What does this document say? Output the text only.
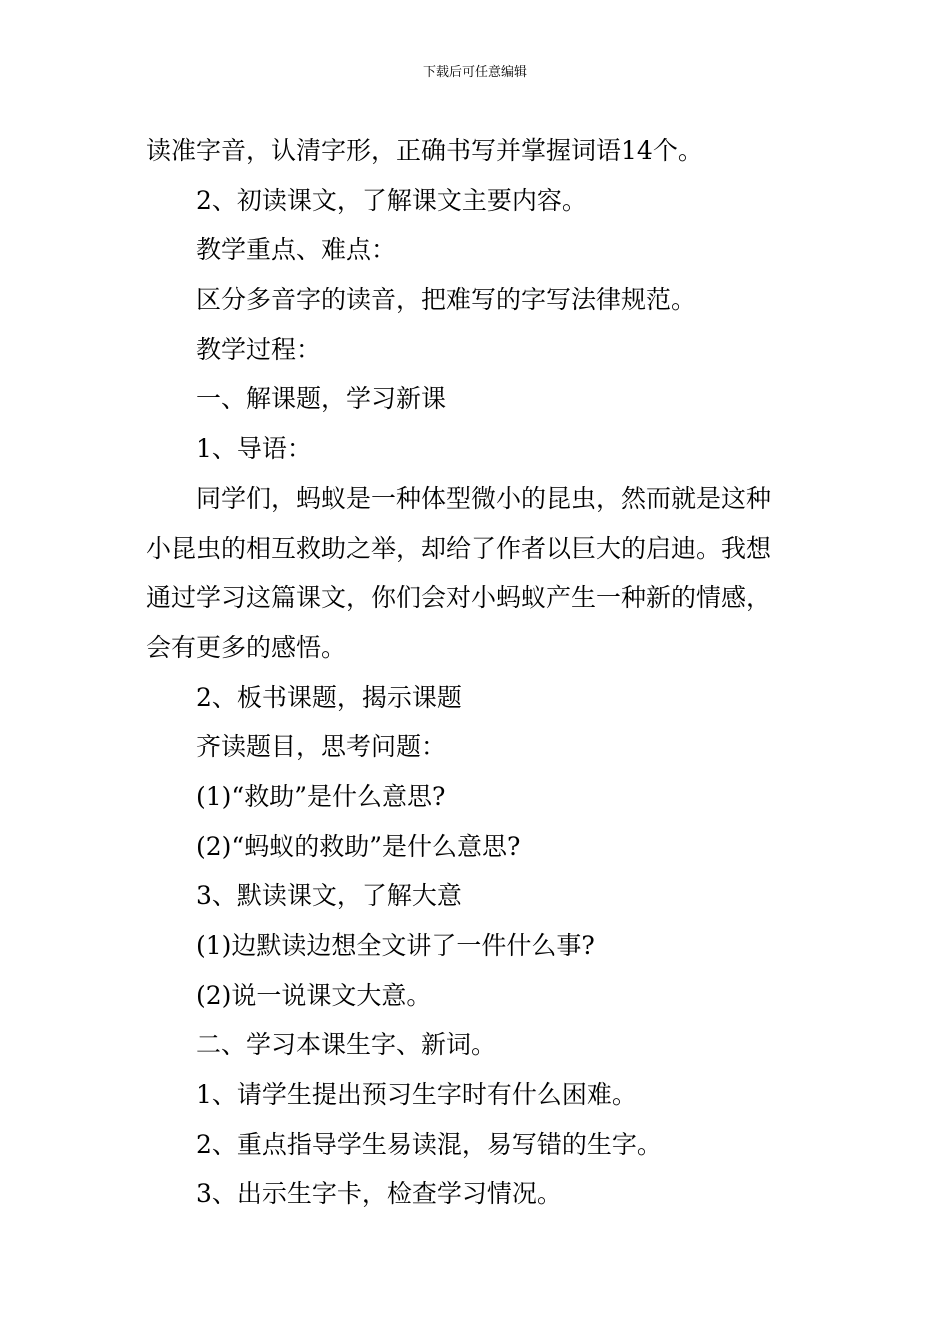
下载后可任意编辑
读准字音，认清字形，正确书写并掌握词语14个。
2、初读课文，了解课文主要内容。
教学重点、难点：
区分多音字的读音，把难写的字写法律规范。
教学过程：
一、解课题，学习新课
1、导语：
同学们，蚂蚁是一种体型微小的昆虫，然而就是这种
小昆虫的相互救助之举，却给了作者以巨大的启迪。我想
通过学习这篇课文，你们会对小蚂蚁产生一种新的情感，
会有更多的感悟。
2、板书课题，揭示课题
齐读题目，思考问题：
(1)“救助”是什么意思?
(2)“蚂蚁的救助”是什么意思?
3、默读课文，了解大意
(1)边默读边想全文讲了一件什么事?
(2)说一说课文大意。
二、学习本课生字、新词。
1、请学生提出预习生字时有什么困难。
2、重点指导学生易读混，易写错的生字。
3、出示生字卡，检查学习情况。
